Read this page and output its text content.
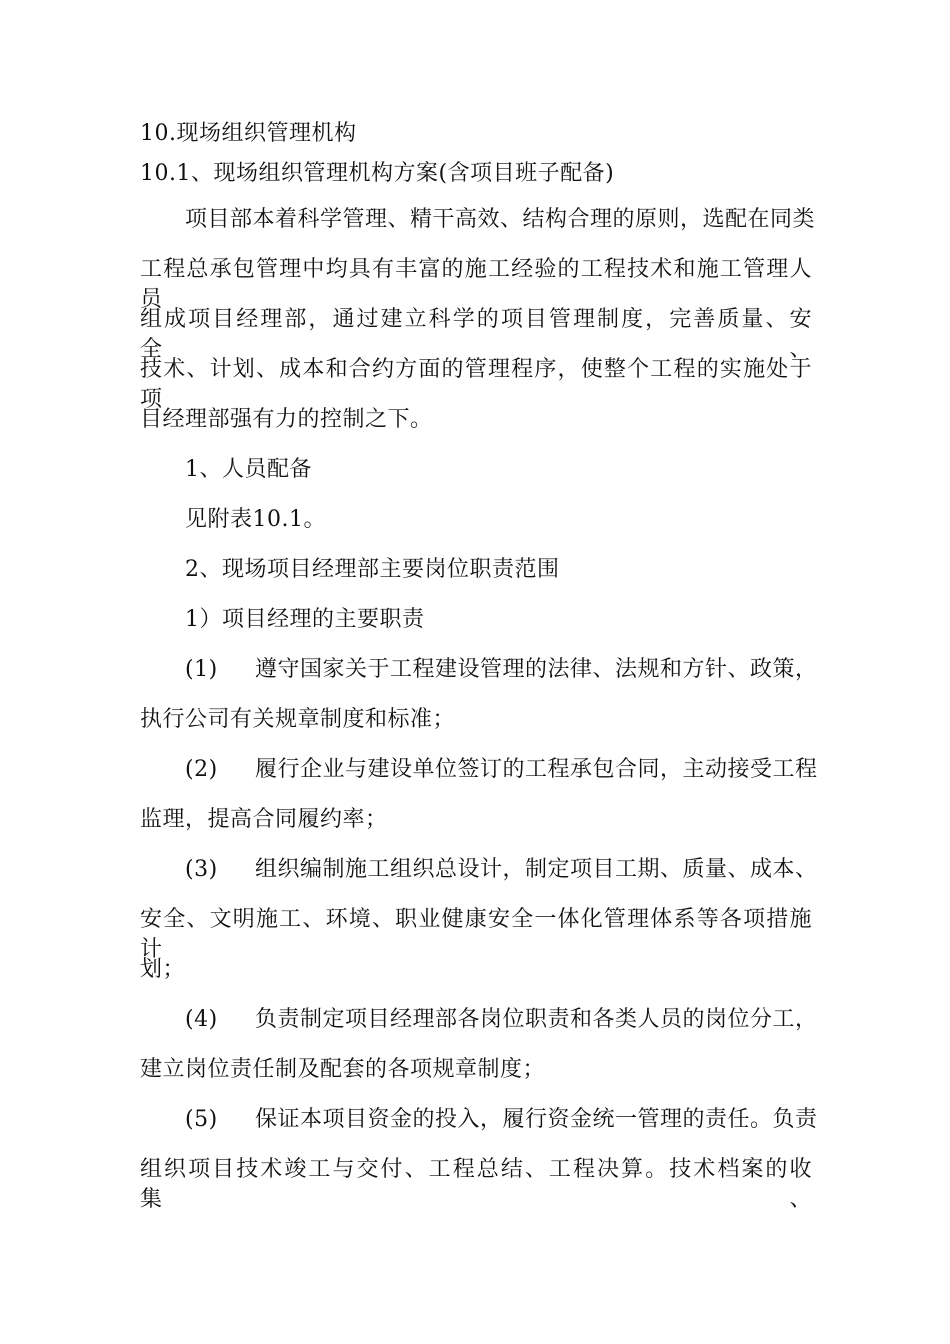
10.现场组织管理机构
10.1、现场组织管理机构方案(含项目班子配备)
项目部本着科学管理、精干高效、结构合理的原则，选配在同类
工程总承包管理中均具有丰富的施工经验的工程技术和施工管理人员
组成项目经理部，通过建立科学的项目管理制度，完善质量、安全、
技术、计划、成本和合约方面的管理程序，使整个工程的实施处于项
目经理部强有力的控制之下。
1、人员配备
见附表10.1。
2、现场项目经理部主要岗位职责范围
1）项目经理的主要职责
(1) 遵守国家关于工程建设管理的法律、法规和方针、政策，
执行公司有关规章制度和标准；
(2) 履行企业与建设单位签订的工程承包合同，主动接受工程
监理，提高合同履约率；
(3) 组织编制施工组织总设计，制定项目工期、质量、成本、
安全、文明施工、环境、职业健康安全一体化管理体系等各项措施计
划；
(4) 负责制定项目经理部各岗位职责和各类人员的岗位分工，
建立岗位责任制及配套的各项规章制度；
(5) 保证本项目资金的投入，履行资金统一管理的责任。负责
组织项目技术竣工与交付、工程总结、工程决算。技术档案的收集、
